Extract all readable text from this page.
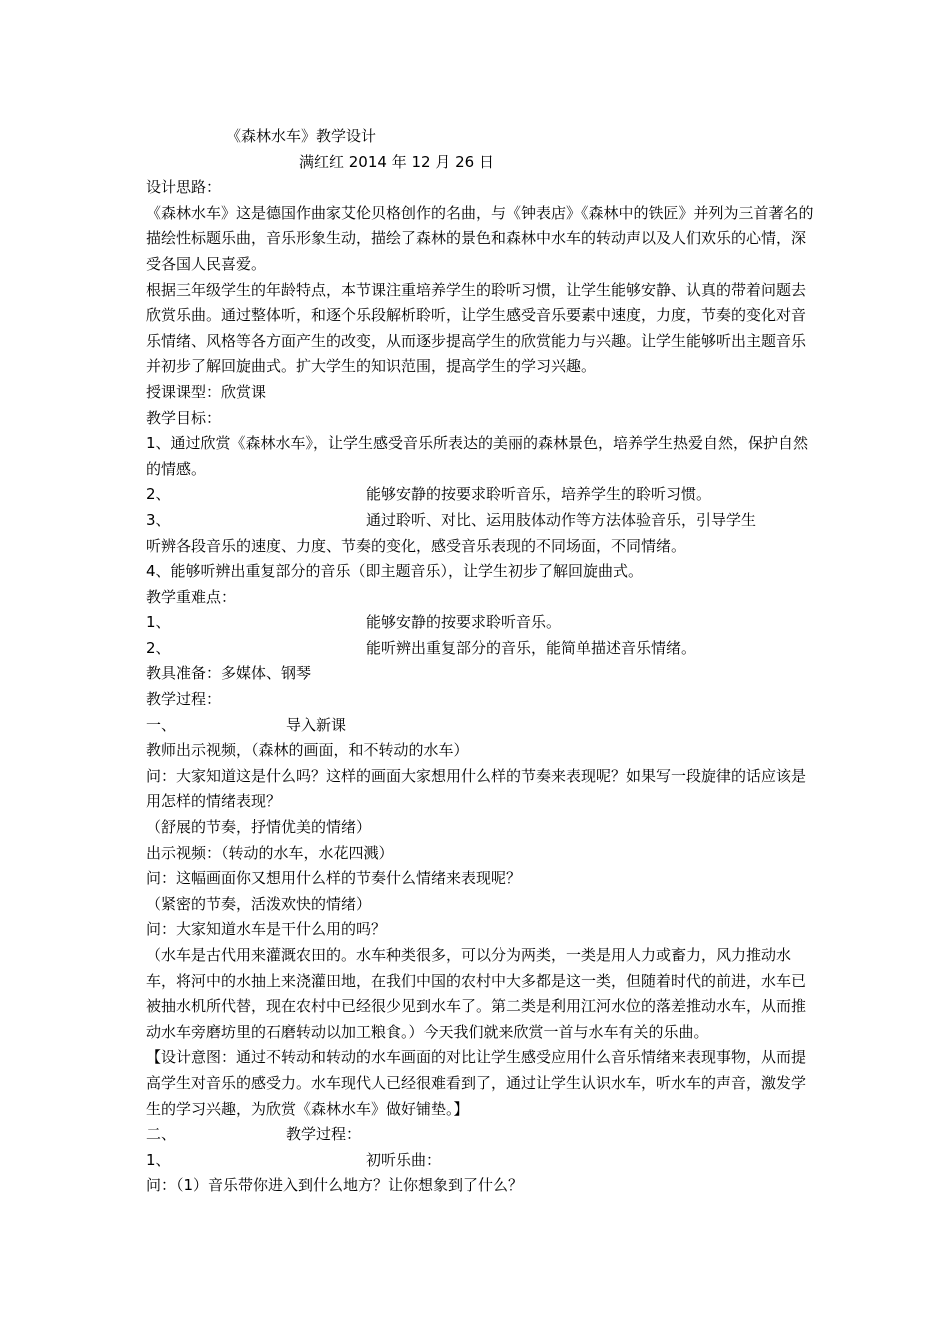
《森林水车》教学设计
满红红 2014 年 12 月 26 日
设计思路：
《森林水车》这是德国作曲家艾伦贝格创作的名曲，与《钟表店》《森林中的铁匠》并列为三首著名的描绘性标题乐曲，音乐形象生动，描绘了森林的景色和森林中水车的转动声以及人们欢乐的心情，深受各国人民喜爱。
根据三年级学生的年龄特点，本节课注重培养学生的聆听习惯，让学生能够安静、认真的带着问题去欣赏乐曲。通过整体听，和逐个乐段解析聆听，让学生感受音乐要素中速度，力度，节奏的变化对音乐情绪、风格等各方面产生的改变，从而逐步提高学生的欣赏能力与兴趣。让学生能够听出主题音乐并初步了解回旋曲式。扩大学生的知识范围，提高学生的学习兴趣。
授课课型：欣赏课
教学目标：
1、通过欣赏《森林水车》，让学生感受音乐所表达的美丽的森林景色，培养学生热爱自然，保护自然的情感。
2、	能够安静的按要求聆听音乐，培养学生的聆听习惯。
3、	通过聆听、对比、运用肢体动作等方法体验音乐，引导学生
听辨各段音乐的速度、力度、节奏的变化，感受音乐表现的不同场面，不同情绪。
4、能够听辨出重复部分的音乐（即主题音乐），让学生初步了解回旋曲式。
教学重难点：
1、	能够安静的按要求聆听音乐。
2、	能听辨出重复部分的音乐，能简单描述音乐情绪。
教具准备：多媒体、钢琴
教学过程：
一、	导入新课
教师出示视频，（森林的画面，和不转动的水车）
问：大家知道这是什么吗？这样的画面大家想用什么样的节奏来表现呢？如果写一段旋律的话应该是用怎样的情绪表现？
（舒展的节奏，抒情优美的情绪）
出示视频：（转动的水车，水花四溅）
问：这幅画面你又想用什么样的节奏什么情绪来表现呢？
（紧密的节奏，活泼欢快的情绪）
问：大家知道水车是干什么用的吗？
（水车是古代用来灌溉农田的。水车种类很多，可以分为两类，一类是用人力或畜力，风力推动水车，将河中的水抽上来浇灌田地，在我们中国的农村中大多都是这一类，但随着时代的前进，水车已被抽水机所代替，现在农村中已经很少见到水车了。第二类是利用江河水位的落差推动水车，从而推动水车旁磨坊里的石磨转动以加工粮食。）今天我们就来欣赏一首与水车有关的乐曲。
【设计意图：通过不转动和转动的水车画面的对比让学生感受应用什么音乐情绪来表现事物，从而提高学生对音乐的感受力。水车现代人已经很难看到了，通过让学生认识水车，听水车的声音，激发学生的学习兴趣，为欣赏《森林水车》做好铺垫。】
二、	教学过程：
1、	初听乐曲：
问：（1）音乐带你进入到什么地方？让你想象到了什么？
